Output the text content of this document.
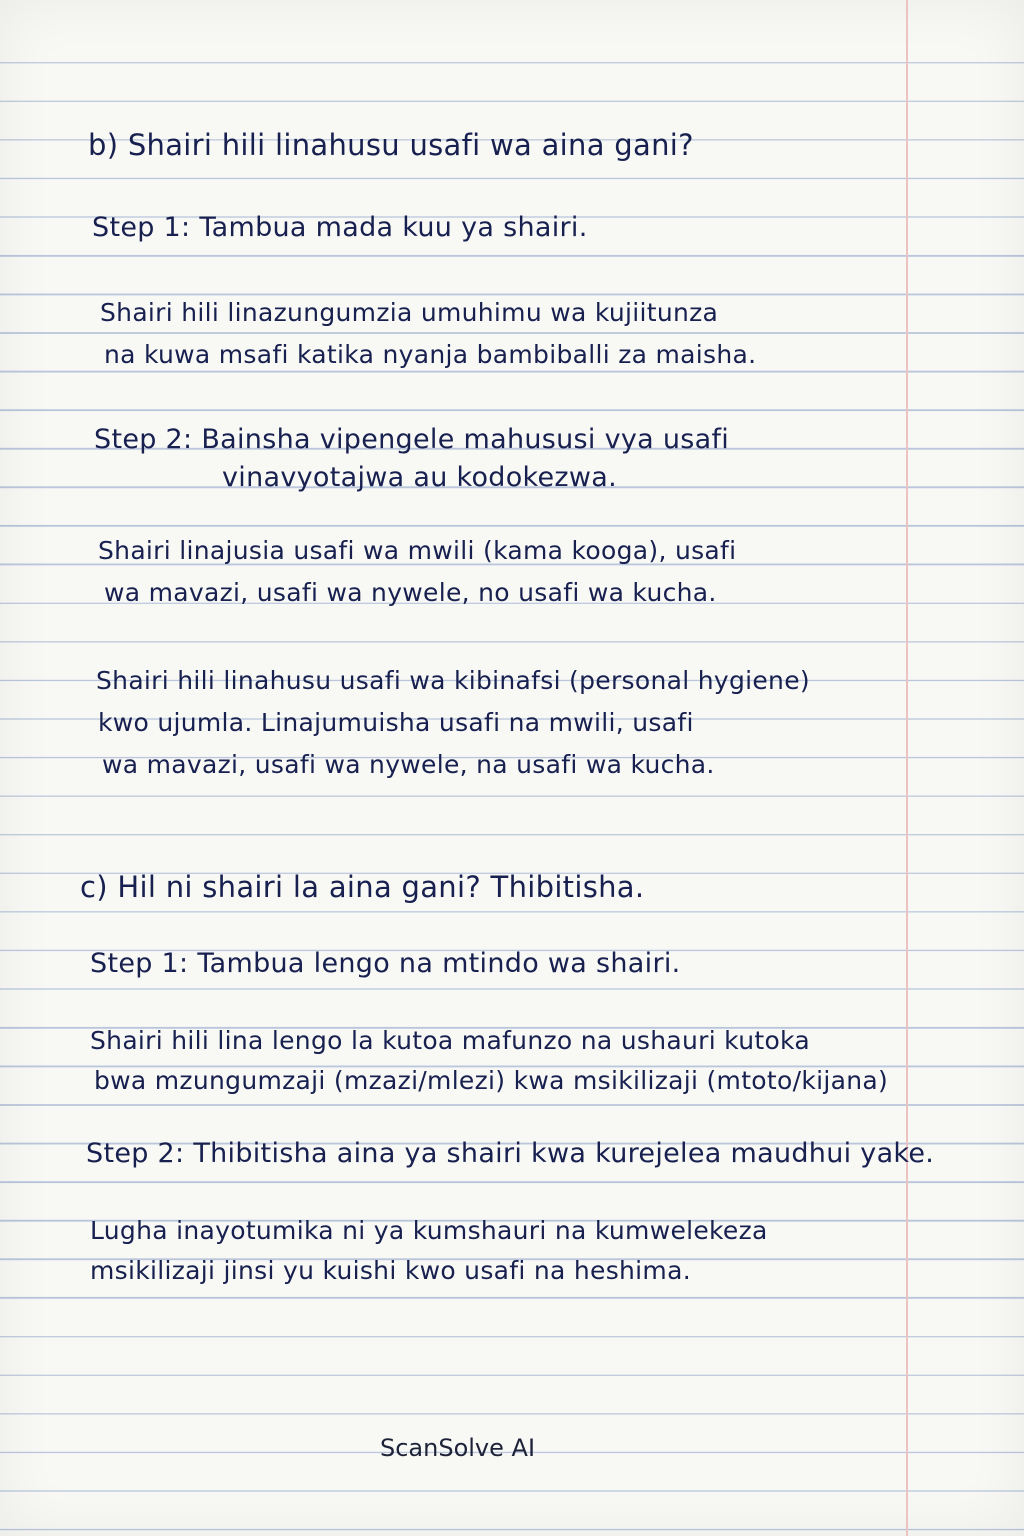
b) Shairi hili linahusu usafi wa aina gani?
Step 1: Tambua mada kuu ya shairi.
Shairi hili linazungumzia umuhimu wa kujiitunza
na kuwa msafi katika nyanja bambiballi za maisha.
Step 2: Bainsha vipengele mahususi vya usafi
vinavyotajwa au kodokezwa.
Shairi linajusia usafi wa mwili (kama kooga), usafi
wa mavazi, usafi wa nywele, no usafi wa kucha.
Shairi hili linahusu usafi wa kibinafsi (personal hygiene)
kwo ujumla. Linajumuisha usafi na mwili, usafi
wa mavazi, usafi wa nywele, na usafi wa kucha.
c) Hil ni shairi la aina gani? Thibitisha.
Step 1: Tambua lengo na mtindo wa shairi.
Shairi hili lina lengo la kutoa mafunzo na ushauri kutoka
bwa mzungumzaji (mzazi/mlezi) kwa msikilizaji (mtoto/kijana)
Step 2: Thibitisha aina ya shairi kwa kurejelea maudhui yake.
Lugha inayotumika ni ya kumshauri na kumwelekeza
msikilizaji jinsi yu kuishi kwo usafi na heshima.
ScanSolve AI
